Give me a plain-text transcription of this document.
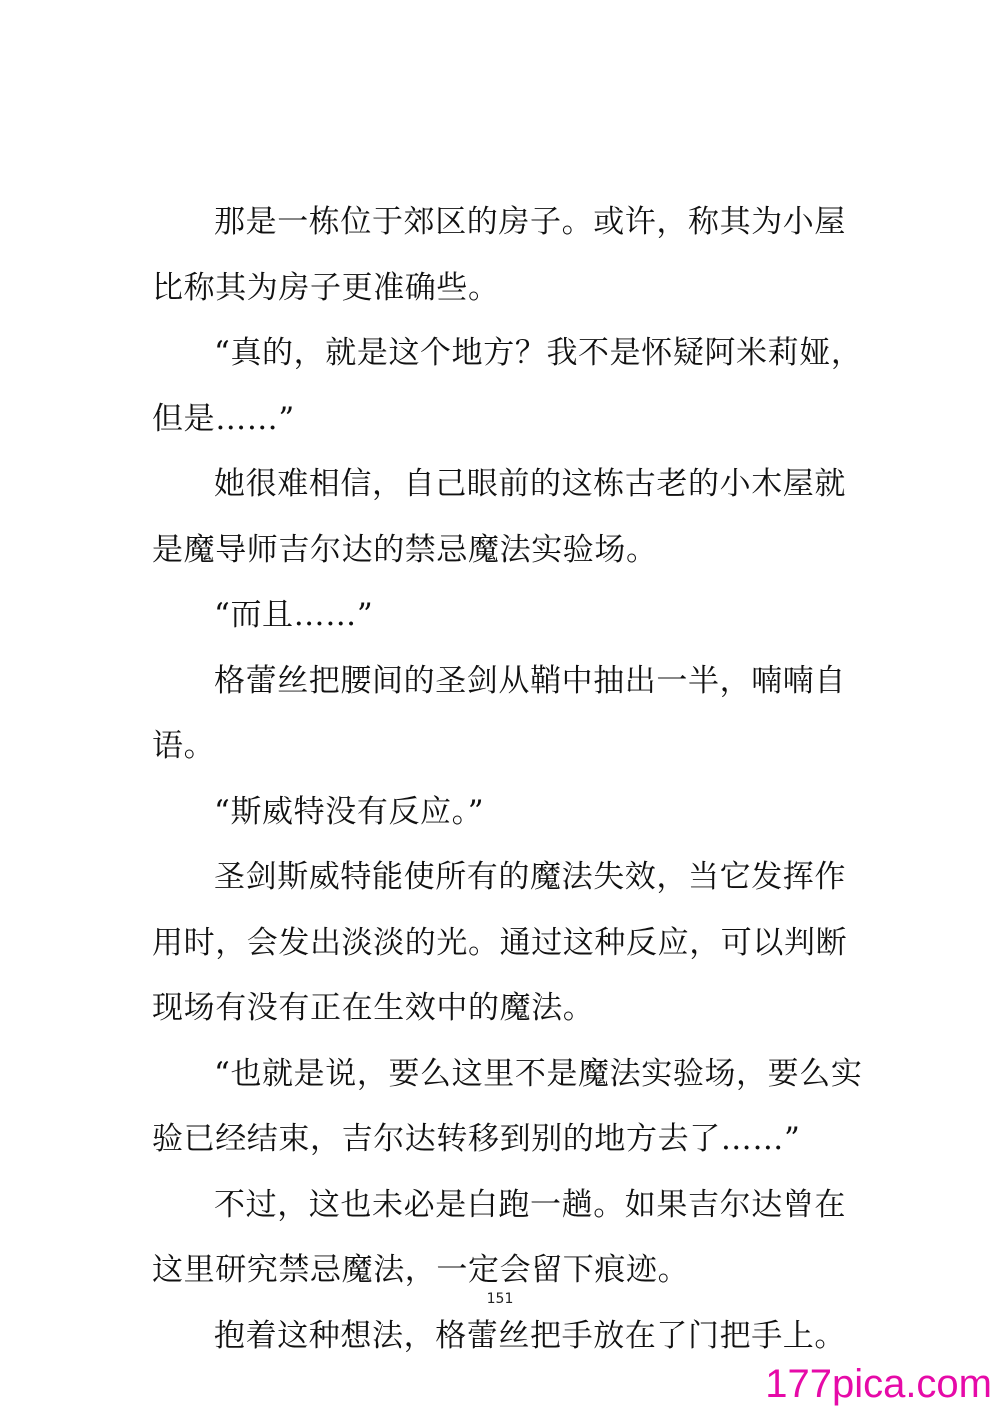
那是一栋位于郊区的房子。或许，称其为小屋比称其为房子更准确些。

“真的，就是这个地方？我不是怀疑阿米莉娅，但是……”

她很难相信，自己眼前的这栋古老的小木屋就是魔导师吉尔达的禁忌魔法实验场。

“而且……”

格蕾丝把腰间的圣剑从鞘中抽出一半，喃喃自语。

“斯威特没有反应。”

圣剑斯威特能使所有的魔法失效，当它发挥作用时，会发出淡淡的光。通过这种反应，可以判断现场有没有正在生效中的魔法。

“也就是说，要么这里不是魔法实验场，要么实验已经结束，吉尔达转移到别的地方去了……”

不过，这也未必是白跑一趟。如果吉尔达曾在这里研究禁忌魔法，一定会留下痕迹。

抱着这种想法，格蕾丝把手放在了门把手上。

151
177pica.com
